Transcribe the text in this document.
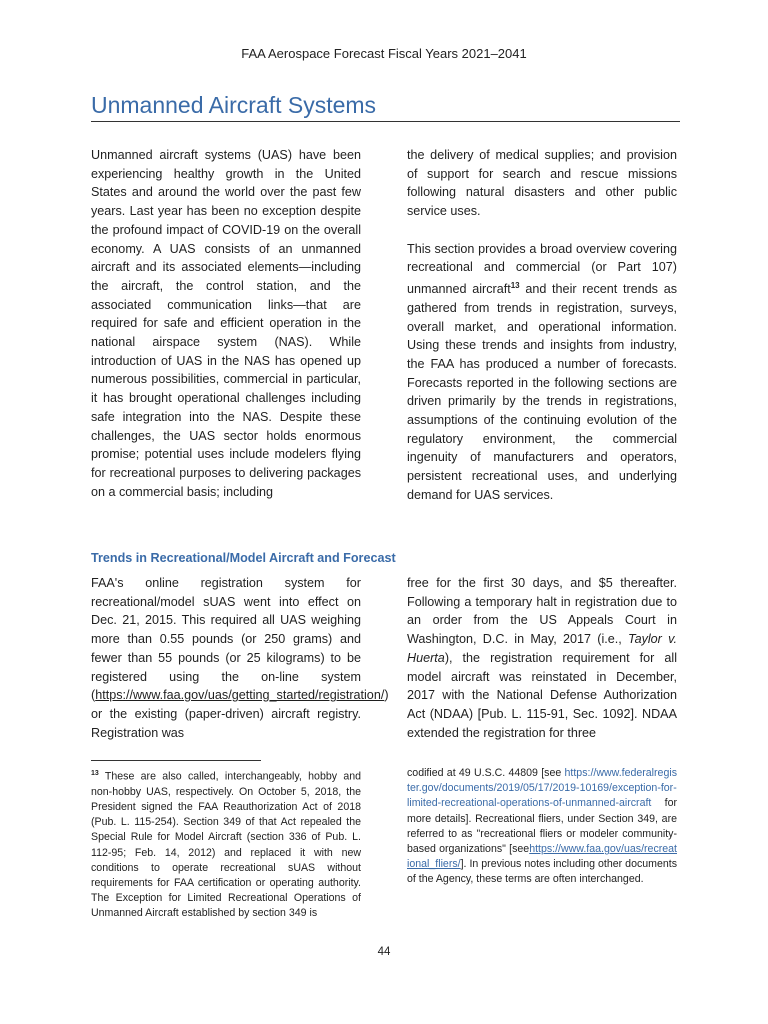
FAA Aerospace Forecast Fiscal Years 2021–2041
Unmanned Aircraft Systems

Unmanned aircraft systems (UAS) have been experiencing healthy growth in the United States and around the world over the past few years. Last year has been no exception despite the profound impact of COVID-19 on the overall economy. A UAS consists of an unmanned aircraft and its associated elements—including the aircraft, the control station, and the associated communication links—that are required for safe and efficient operation in the national airspace system (NAS). While introduction of UAS in the NAS has opened up numerous possibilities, commercial in particular, it has brought operational challenges including safe integration into the NAS. Despite these challenges, the UAS sector holds enormous promise; potential uses include modelers flying for recreational purposes to delivering packages on a commercial basis; including

the delivery of medical supplies; and provision of support for search and rescue missions following natural disasters and other public service uses.

This section provides a broad overview covering recreational and commercial (or Part 107) unmanned aircraft$^{13}$ and their recent trends as gathered from trends in registration, surveys, overall market, and operational information. Using these trends and insights from industry, the FAA has produced a number of forecasts. Forecasts reported in the following sections are driven primarily by the trends in registrations, assumptions of the continuing evolution of the regulatory environment, the commercial ingenuity of manufacturers and operators, persistent recreational uses, and underlying demand for UAS services.

Trends in Recreational/Model Aircraft and Forecast

FAA's online registration system for recreational/model sUAS went into effect on Dec. 21, 2015. This required all UAS weighing more than 0.55 pounds (or 250 grams) and fewer than 55 pounds (or 25 kilograms) to be registered using the on-line system (https://www.faa.gov/uas/getting_started/registration/) or the existing (paper-driven) aircraft registry. Registration was

free for the first 30 days, and $5 thereafter. Following a temporary halt in registration due to an order from the US Appeals Court in Washington, D.C. in May, 2017 (i.e., Taylor v. Huerta), the registration requirement for all model aircraft was reinstated in December, 2017 with the National Defense Authorization Act (NDAA) [Pub. L. 115-91, Sec. 1092]. NDAA extended the registration for three

$^{13}$ These are also called, interchangeably, hobby and non-hobby UAS, respectively. On October 5, 2018, the President signed the FAA Reauthorization Act of 2018 (Pub. L. 115-254). Section 349 of that Act repealed the Special Rule for Model Aircraft (section 336 of Pub. L. 112-95; Feb. 14, 2012) and replaced it with new conditions to operate recreational sUAS without requirements for FAA certification or operating authority. The Exception for Limited Recreational Operations of Unmanned Aircraft established by section 349 is
codified at 49 U.S.C. 44809 [see https://www.federalregister.gov/documents/2019/05/17/2019-10169/exception-for-limited-recreational-operations-of-unmanned-aircraft for more details]. Recreational fliers, under Section 349, are referred to as "recreational fliers or modeler community-based organizations" [seehttps://www.faa.gov/uas/recreational_fliers/]. In previous notes including other documents of the Agency, these terms are often interchanged.
44
